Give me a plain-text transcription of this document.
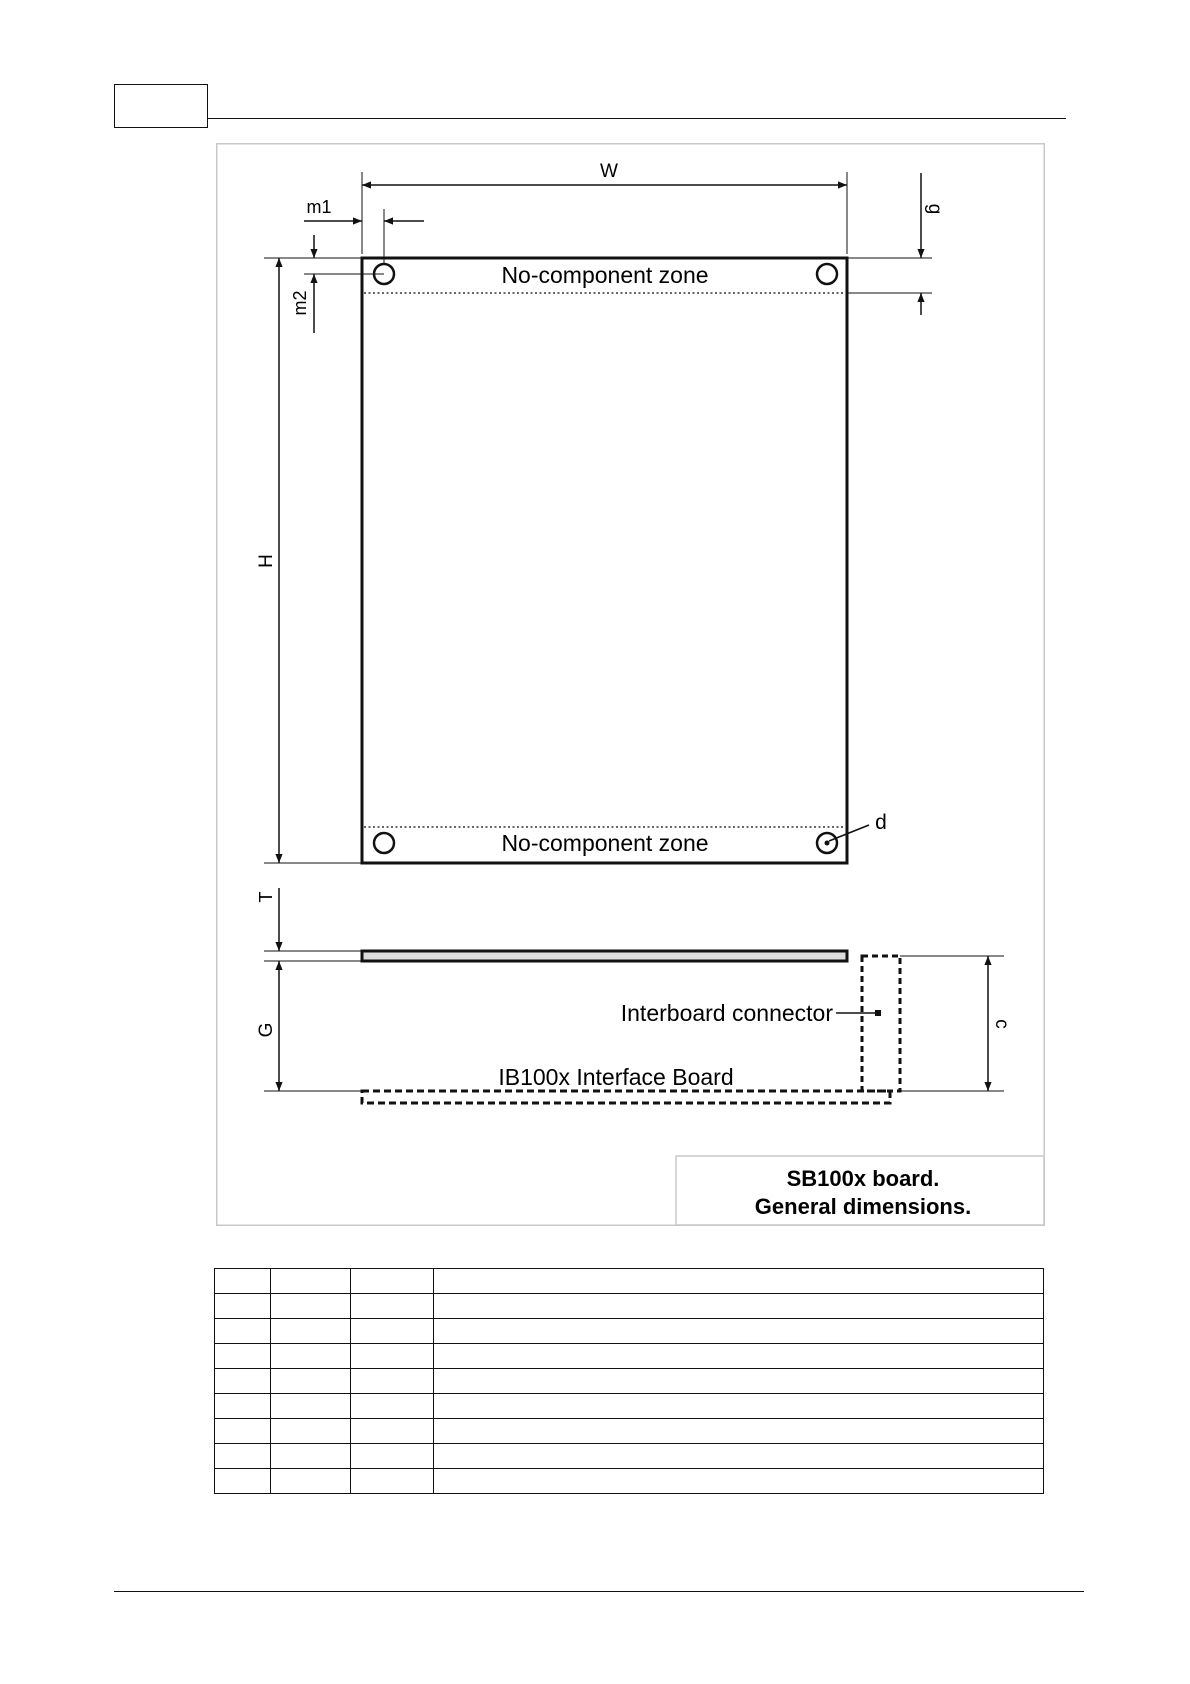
No-component zone
No-component zone
W
m1
m2
H
g
d
T
G
IB100x Interface Board
Interboard connector	c
SB100x board.
General dimensions.
